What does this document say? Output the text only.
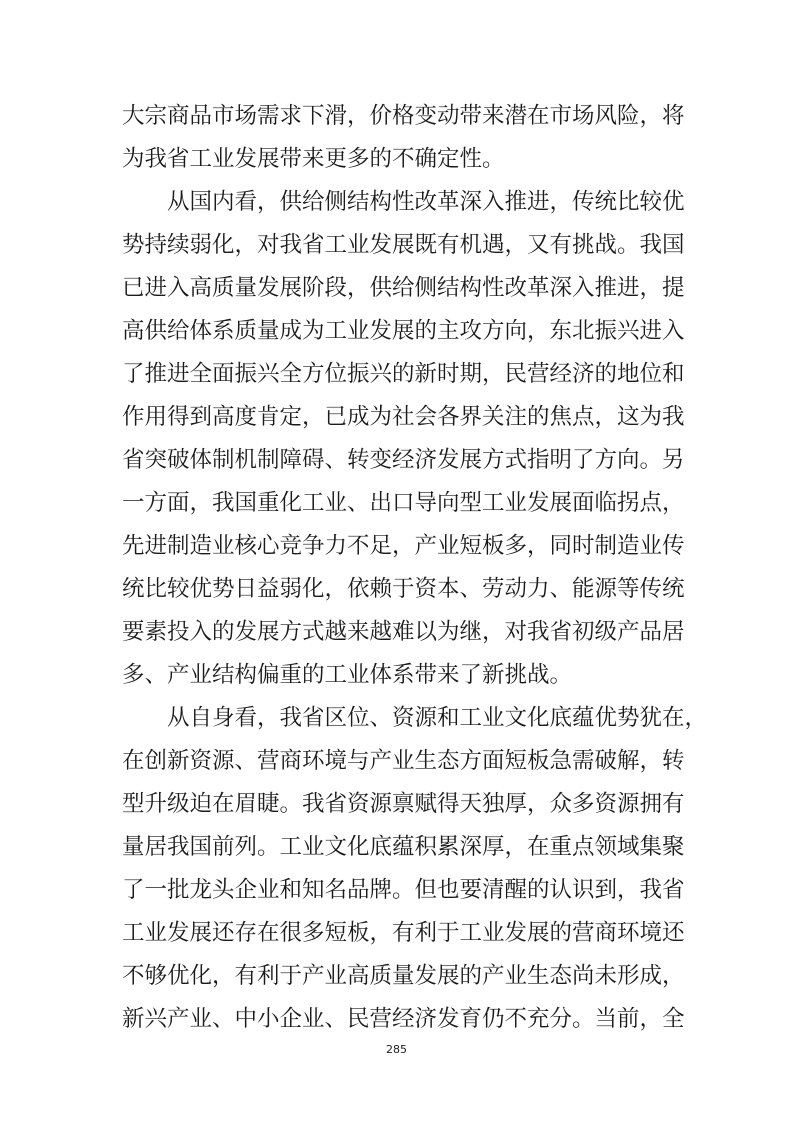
大宗商品市场需求下滑，价格变动带来潜在市场风险，将
为我省工业发展带来更多的不确定性。
从国内看，供给侧结构性改革深入推进，传统比较优
势持续弱化，对我省工业发展既有机遇，又有挑战。我国
已进入高质量发展阶段，供给侧结构性改革深入推进，提
高供给体系质量成为工业发展的主攻方向，东北振兴进入
了推进全面振兴全方位振兴的新时期，民营经济的地位和
作用得到高度肯定，已成为社会各界关注的焦点，这为我
省突破体制机制障碍、转变经济发展方式指明了方向。另
一方面，我国重化工业、出口导向型工业发展面临拐点，
先进制造业核心竞争力不足，产业短板多，同时制造业传
统比较优势日益弱化，依赖于资本、劳动力、能源等传统
要素投入的发展方式越来越难以为继，对我省初级产品居
多、产业结构偏重的工业体系带来了新挑战。
从自身看，我省区位、资源和工业文化底蕴优势犹在，
在创新资源、营商环境与产业生态方面短板急需破解，转
型升级迫在眉睫。我省资源禀赋得天独厚，众多资源拥有
量居我国前列。工业文化底蕴积累深厚，在重点领域集聚
了一批龙头企业和知名品牌。但也要清醒的认识到，我省
工业发展还存在很多短板，有利于工业发展的营商环境还
不够优化，有利于产业高质量发展的产业生态尚未形成，
新兴产业、中小企业、民营经济发育仍不充分。当前，全
285
